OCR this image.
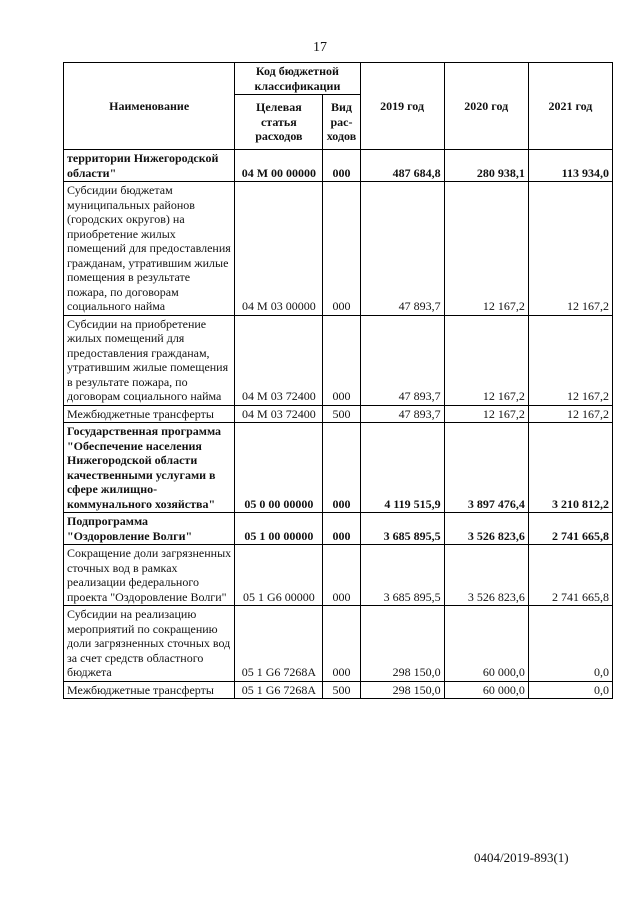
17
Наименование	Код бюджетной классификации		2019 год	2020 год	2021 год
	Целевая статья расходов	Вид рас-ходов			
территории Нижегородской области"	04 М 00 00000	000	487 684,8	280 938,1	113 934,0
Субсидии бюджетам муниципальных районов (городских округов) на приобретение жилых помещений для предоставления гражданам, утратившим жилые помещения в результате пожара, по договорам социального найма	04 М 03 00000	000	47 893,7	12 167,2	12 167,2
Субсидии на приобретение жилых помещений для предоставления гражданам, утратившим жилые помещения в результате пожара, по договорам социального найма	04 М 03 72400	000	47 893,7	12 167,2	12 167,2
Межбюджетные трансферты	04 М 03 72400	500	47 893,7	12 167,2	12 167,2
Государственная программа "Обеспечение населения Нижегородской области качественными услугами в сфере жилищно-коммунального хозяйства"	05 0 00 00000	000	4 119 515,9	3 897 476,4	3 210 812,2
Подпрограмма "Оздоровление Волги"	05 1 00 00000	000	3 685 895,5	3 526 823,6	2 741 665,8
Сокращение доли загрязненных сточных вод в рамках реализации федерального проекта "Оздоровление Волги"	05 1 G6 00000	000	3 685 895,5	3 526 823,6	2 741 665,8
Субсидии на реализацию мероприятий по сокращению доли загрязненных сточных вод за счет средств областного бюджета	05 1 G6 7268A	000	298 150,0	60 000,0	0,0
Межбюджетные трансферты	05 1 G6 7268A	500	298 150,0	60 000,0	0,0
0404/2019-893(1)
